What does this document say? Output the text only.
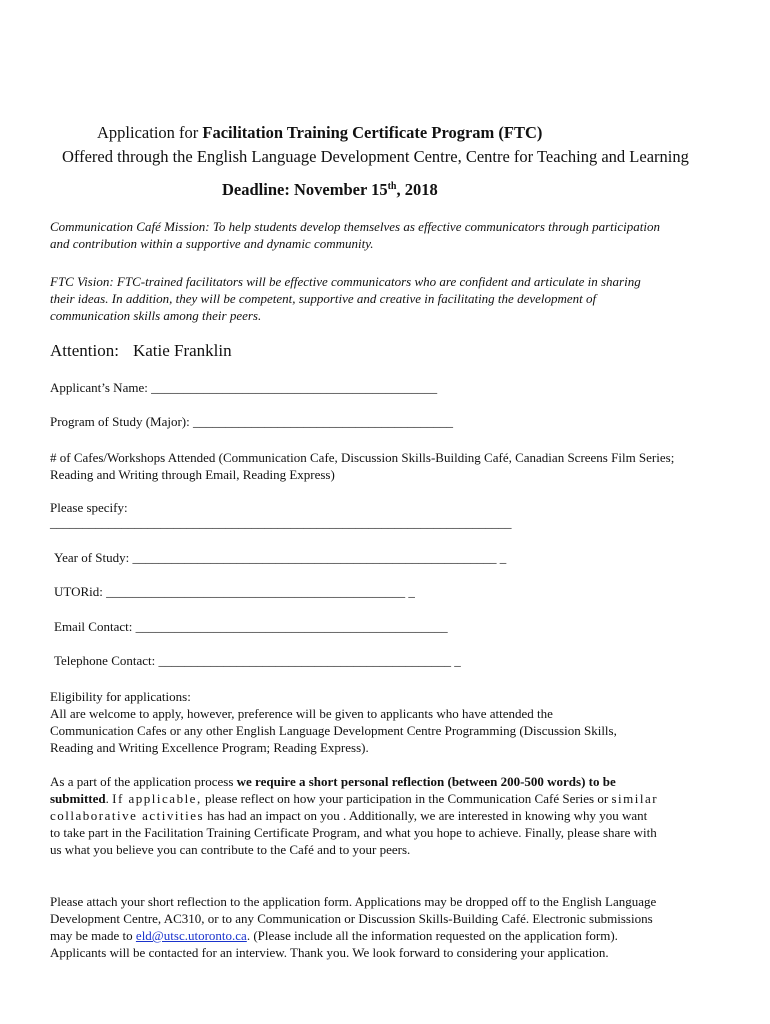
Application for Facilitation Training Certificate Program (FTC)
Offered through the English Language Development Centre, Centre for Teaching and Learning
Deadline: November 15th, 2018
Communication Café Mission: To help students develop themselves as effective communicators through participation and contribution within a supportive and dynamic community.
FTC Vision: FTC-trained facilitators will be effective communicators who are confident and articulate in sharing their ideas. In addition, they will be competent, supportive and creative in facilitating the development of communication skills among their peers.
Attention: Katie Franklin
Applicant’s Name: ____________________________________________
Program of Study (Major): ________________________________________
# of Cafes/Workshops Attended (Communication Cafe, Discussion Skills-Building Café, Canadian Screens Film Series; Reading and Writing through Email, Reading Express)
Please specify:
_______________________________________________________________________
Year of Study: ________________________________________________________ _
UTORid: ______________________________________________ _
Email Contact: ________________________________________________
Telephone Contact: _____________________________________________ _
Eligibility for applications:
All are welcome to apply, however, preference will be given to applicants who have attended the Communication Cafes or any other English Language Development Centre Programming (Discussion Skills, Reading and Writing Excellence Program; Reading Express).
As a part of the application process we require a short personal reflection (between 200-500 words) to be submitted. If applicable, please reflect on how your participation in the Communication Café Series or similar collaborative activities has had an impact on you . Additionally, we are interested in knowing why you want to take part in the Facilitation Training Certificate Program, and what you hope to achieve. Finally, please share with us what you believe you can contribute to the Café and to your peers.
Please attach your short reflection to the application form. Applications may be dropped off to the English Language Development Centre, AC310, or to any Communication or Discussion Skills-Building Café. Electronic submissions may be made to eld@utsc.utoronto.ca. (Please include all the information requested on the application form). Applicants will be contacted for an interview. Thank you. We look forward to considering your application.
